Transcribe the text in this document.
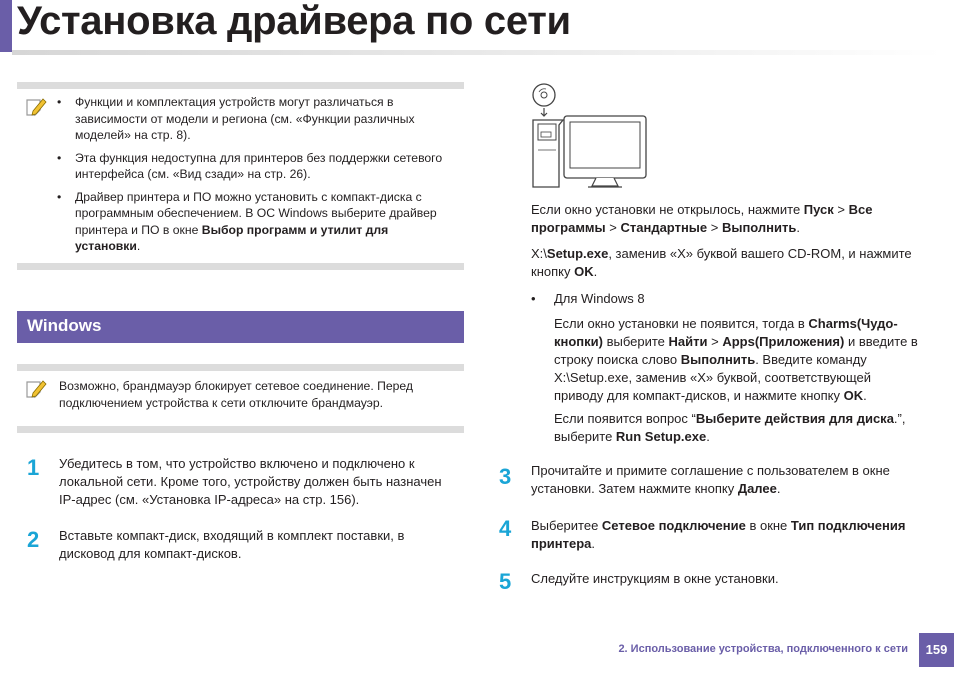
Установка драйвера по сети
• Функции и комплектация устройств могут различаться в
зависимости от модели и региона (см. «Функции различных
моделей» на стр. 8).
• Эта функция недоступна для принтеров без поддержки сетевого
интерфейса (см. «Вид сзади» на стр. 26).
• Драйвер принтера и ПО можно установить с компакт-диска с
программным обеспечением. В ОС Windows выберите драйвер
принтера и ПО в окне Выбор программ и утилит для
установки.
Windows
Возможно, брандмауэр блокирует сетевое соединение. Перед
подключением устройства к сети отключите брандмауэр.
1 Убедитесь в том, что устройство включено и подключено к
локальной сети. Кроме того, устройству должен быть назначен
IP-адрес (см. «Установка IP-адреса» на стр. 156).
2 Вставьте компакт-диск, входящий в комплект поставки, в
дисковод для компакт-дисков.
Если окно установки не открылось, нажмите Пуск > Все
программы > Стандартные > Выполнить.
X:\Setup.exe, заменив «X» буквой вашего CD-ROM, и нажмите
кнопку OK.
• Для Windows 8
Если окно установки не появится, тогда в Charms(Чудо-
кнопки) выберите Найти > Apps(Приложения) и введите в
строку поиска слово Выполнить. Введите команду
X:\Setup.exe, заменив «X» буквой, соответствующей
приводу для компакт-дисков, и нажмите кнопку OK.
Если появится вопрос “Выберите действия для диска.”,
выберите Run Setup.exe.
3 Прочитайте и примите соглашение с пользователем в окне
установки. Затем нажмите кнопку Далее.
4 Выберитее Сетевое подключение в окне Тип подключения
принтера.
5 Следуйте инструкциям в окне установки.
2. Использование устройства, подключенного к сети	159
